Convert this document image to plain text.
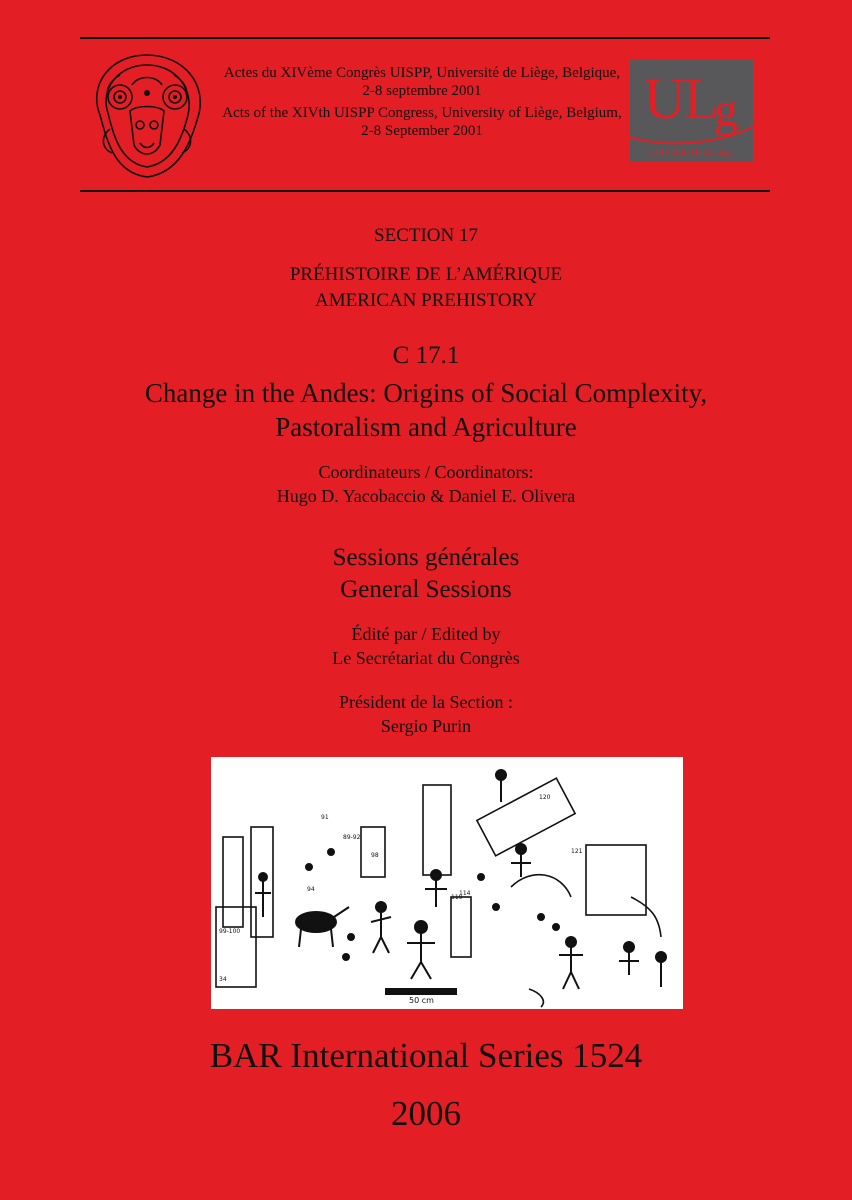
Actes du XIVème Congrès UISPP, Université de Liège, Belgique, 2-8 septembre 2001

Acts of the XIVth UISPP Congress, University of Liège, Belgium, 2-8 September 2001	U
L
g
UNIVERSITÉ de Liège
SECTION 17
PRÉHISTOIRE DE L’AMÉRIQUE
AMERICAN PREHISTORY
C 17.1
Change in the Andes: Origins of Social Complexity,
Pastoralism and Agriculture
Coordinateurs / Coordinators:
Hugo D. Yacobaccio & Daniel E. Olivera
Sessions générales
General Sessions
Édité par / Edited by
Le Secrétariat du Congrès
Président de la Section :
Sergio Purin
91
89-92
94
98
119
120
121
114
99-100
34
50 cm
BAR International Series 1524
2006
